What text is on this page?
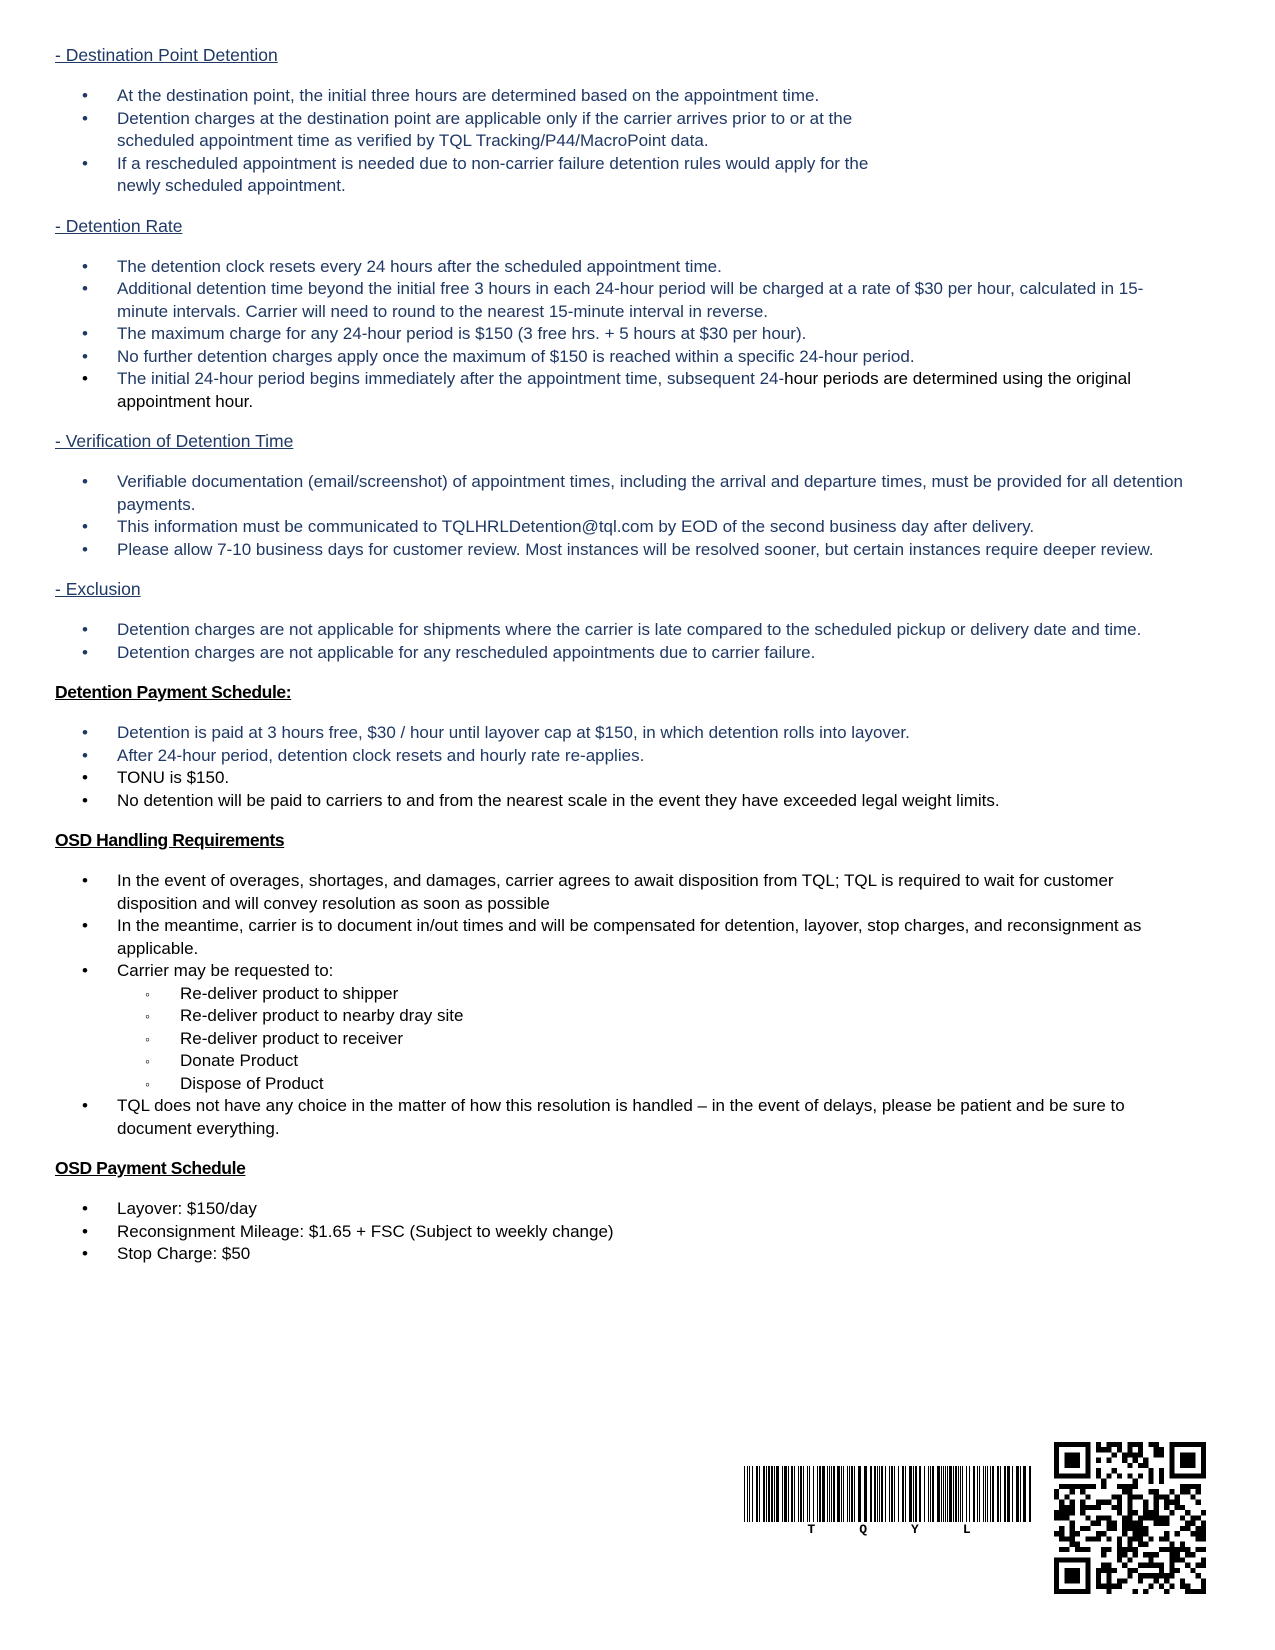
- Destination Point Detention
• At the destination point, the initial three hours are determined based on the appointment time.
• Detention charges at the destination point are applicable only if the carrier arrives prior to or at the scheduled appointment time as verified by TQL Tracking/P44/MacroPoint data.
• If a rescheduled appointment is needed due to non-carrier failure detention rules would apply for the newly scheduled appointment.
- Detention Rate
• The detention clock resets every 24 hours after the scheduled appointment time.
• Additional detention time beyond the initial free 3 hours in each 24-hour period will be charged at a rate of $30 per hour, calculated in 15-minute intervals. Carrier will need to round to the nearest 15-minute interval in reverse.
• The maximum charge for any 24-hour period is $150 (3 free hrs. + 5 hours at $30 per hour).
• No further detention charges apply once the maximum of $150 is reached within a specific 24-hour period.
• The initial 24-hour period begins immediately after the appointment time, subsequent 24-hour periods are determined using the original appointment hour.
- Verification of Detention Time
• Verifiable documentation (email/screenshot) of appointment times, including the arrival and departure times, must be provided for all detention payments.
• This information must be communicated to TQLHRLDetention@tql.com by EOD of the second business day after delivery.
• Please allow 7-10 business days for customer review. Most instances will be resolved sooner, but certain instances require deeper review.
- Exclusion
• Detention charges are not applicable for shipments where the carrier is late compared to the scheduled pickup or delivery date and time.
• Detention charges are not applicable for any rescheduled appointments due to carrier failure.
Detention Payment Schedule:
• Detention is paid at 3 hours free, $30 / hour until layover cap at $150, in which detention rolls into layover.
• After 24-hour period, detention clock resets and hourly rate re-applies.
• TONU is $150.
• No detention will be paid to carriers to and from the nearest scale in the event they have exceeded legal weight limits.
OSD Handling Requirements
• In the event of overages, shortages, and damages, carrier agrees to await disposition from TQL; TQL is required to wait for customer disposition and will convey resolution as soon as possible
• In the meantime, carrier is to document in/out times and will be compensated for detention, layover, stop charges, and reconsignment as applicable.
• Carrier may be requested to:
◦ Re-deliver product to shipper
◦ Re-deliver product to nearby dray site
◦ Re-deliver product to receiver
◦ Donate Product
◦ Dispose of Product
• TQL does not have any choice in the matter of how this resolution is handled – in the event of delays, please be patient and be sure to document everything.
OSD Payment Schedule
• Layover: $150/day
• Reconsignment Mileage: $1.65 + FSC (Subject to weekly change)
• Stop Charge: $50
T	Q	Y	L
